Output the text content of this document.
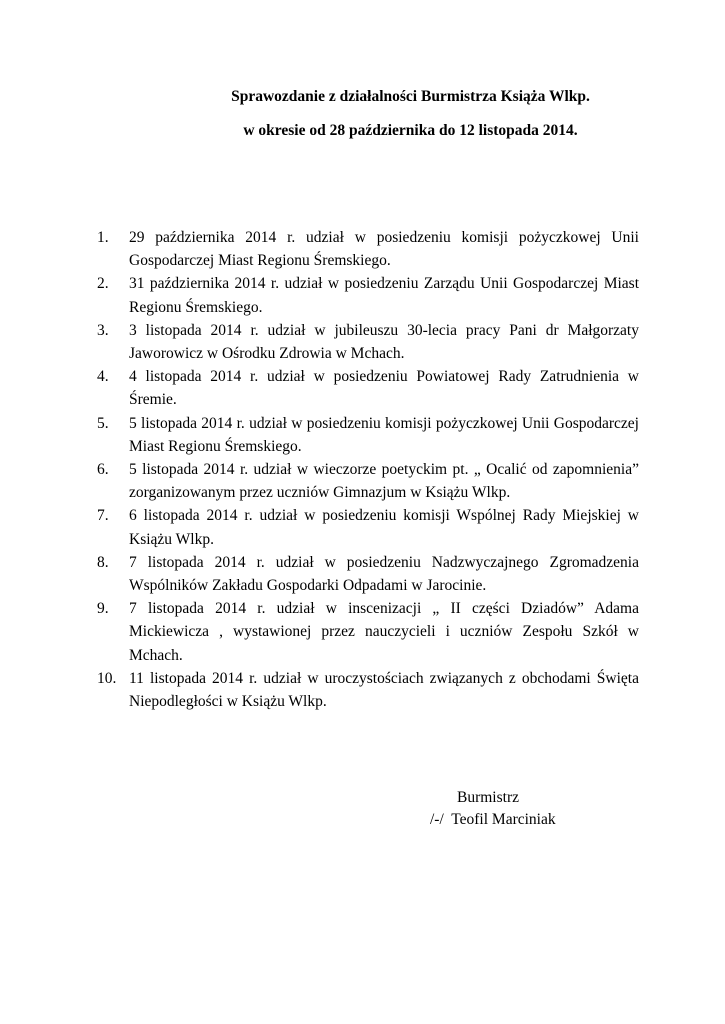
Sprawozdanie z działalności Burmistrza Książa Wlkp.
w okresie od 28 października do 12 listopada 2014.
1.	29 października 2014 r. udział w posiedzeniu komisji pożyczkowej Unii Gospodarczej Miast Regionu Śremskiego.
2.	31 października 2014 r. udział w posiedzeniu Zarządu Unii Gospodarczej Miast Regionu Śremskiego.
3.	3 listopada 2014 r. udział w jubileuszu 30-lecia pracy Pani dr Małgorzaty Jaworowicz w Ośrodku Zdrowia w Mchach.
4.	4 listopada 2014 r. udział w posiedzeniu Powiatowej Rady Zatrudnienia w Śremie.
5.	5 listopada 2014 r. udział w posiedzeniu komisji pożyczkowej Unii Gospodarczej Miast Regionu Śremskiego.
6.	5 listopada 2014 r. udział w wieczorze poetyckim pt. „ Ocalić od zapomnienia” zorganizowanym przez uczniów Gimnazjum w Książu Wlkp.
7.	6 listopada 2014 r. udział w posiedzeniu komisji Wspólnej Rady Miejskiej w Książu Wlkp.
8.	7 listopada 2014 r. udział w posiedzeniu Nadzwyczajnego Zgromadzenia Wspólników Zakładu Gospodarki Odpadami w Jarocinie.
9.	7 listopada 2014 r. udział w inscenizacji „ II części Dziadów” Adama Mickiewicza , wystawionej przez nauczycieli i uczniów Zespołu Szkół w Mchach.
10. 11 listopada 2014 r. udział w uroczystościach związanych z obchodami Święta Niepodległości w Książu Wlkp.
Burmistrz
/-/  Teofil Marciniak
